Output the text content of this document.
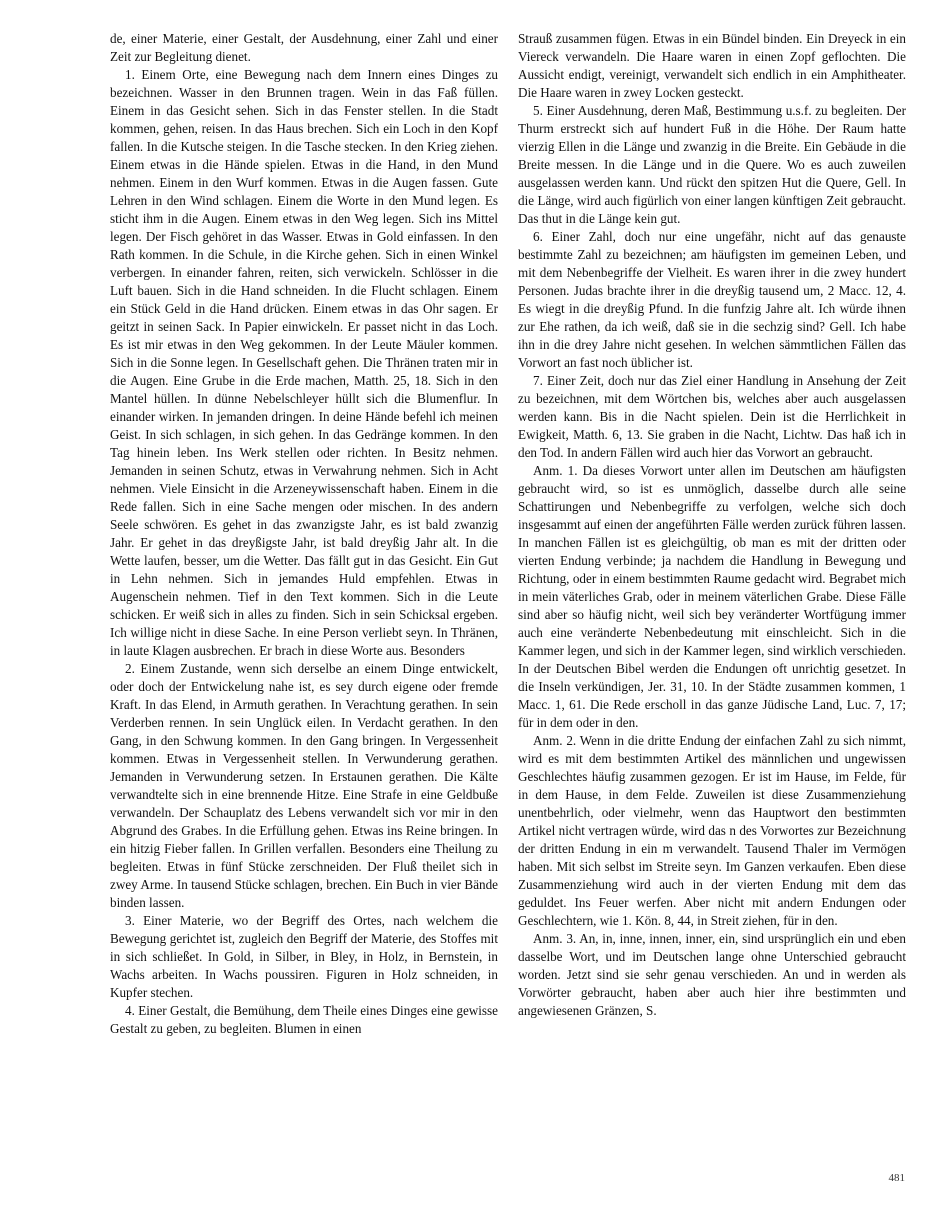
de, einer Materie, einer Gestalt, der Ausdehnung, einer Zahl und einer Zeit zur Begleitung dienet.

1. Einem Orte, eine Bewegung nach dem Innern eines Dinges zu bezeichnen. Wasser in den Brunnen tragen. Wein in das Faß füllen. Einem in das Gesicht sehen. Sich in das Fenster stellen. In die Stadt kommen, gehen, reisen. In das Haus brechen. Sich ein Loch in den Kopf fallen. In die Kutsche steigen. In die Tasche stecken. In den Krieg ziehen. Einem etwas in die Hände spielen. Etwas in die Hand, in den Mund nehmen. Einem in den Wurf kommen. Etwas in die Augen fassen. Gute Lehren in den Wind schlagen. Einem die Worte in den Mund legen. Es sticht ihm in die Augen. Einem etwas in den Weg legen. Sich ins Mittel legen. Der Fisch gehöret in das Wasser. Etwas in Gold einfassen. In den Rath kommen. In die Schule, in die Kirche gehen. Sich in einen Winkel verbergen. In einander fahren, reiten, sich verwickeln. Schlösser in die Luft bauen. Sich in die Hand schneiden. In die Flucht schlagen. Einem ein Stück Geld in die Hand drücken. Einem etwas in das Ohr sagen. Er geitzt in seinen Sack. In Papier einwickeln. Er passet nicht in das Loch. Es ist mir etwas in den Weg gekommen. In der Leute Mäuler kommen. Sich in die Sonne legen. In Gesellschaft gehen. Die Thränen traten mir in die Augen. Eine Grube in die Erde machen, Matth. 25, 18. Sich in den Mantel hüllen. In dünne Nebelschleyer hüllt sich die Blumenflur. In einander wirken. In jemanden dringen. In deine Hände befehl ich meinen Geist. In sich schlagen, in sich gehen. In das Gedränge kommen. In den Tag hinein leben. Ins Werk stellen oder richten. In Besitz nehmen. Jemanden in seinen Schutz, etwas in Verwahrung nehmen. Sich in Acht nehmen. Viele Einsicht in die Arzeneywissenschaft haben. Einem in die Rede fallen. Sich in eine Sache mengen oder mischen. In des andern Seele schwören. Es gehet in das zwanzigste Jahr, es ist bald zwanzig Jahr. Er gehet in das dreyßigste Jahr, ist bald dreyßig Jahr alt. In die Wette laufen, besser, um die Wetter. Das fällt gut in das Gesicht. Ein Gut in Lehn nehmen. Sich in jemandes Huld empfehlen. Etwas in Augenschein nehmen. Tief in den Text kommen. Sich in die Leute schicken. Er weiß sich in alles zu finden. Sich in sein Schicksal ergeben. Ich willige nicht in diese Sache. In eine Person verliebt seyn. In Thränen, in laute Klagen ausbrechen. Er brach in diese Worte aus. Besonders

2. Einem Zustande, wenn sich derselbe an einem Dinge entwickelt, oder doch der Entwickelung nahe ist, es sey durch eigene oder fremde Kraft. In das Elend, in Armuth gerathen. In Verachtung gerathen. In sein Verderben rennen. In sein Unglück eilen. In Verdacht gerathen. In den Gang, in den Schwung kommen. In den Gang bringen. In Vergessenheit kommen. Etwas in Vergessenheit stellen. In Verwunderung gerathen. Jemanden in Verwunderung setzen. In Erstaunen gerathen. Die Kälte verwandtelte sich in eine brennende Hitze. Eine Strafe in eine Geldbuße verwandeln. Der Schauplatz des Lebens verwandelt sich vor mir in den Abgrund des Grabes. In die Erfüllung gehen. Etwas ins Reine bringen. In ein hitzig Fieber fallen. In Grillen verfallen. Besonders eine Theilung zu begleiten. Etwas in fünf Stücke zerschneiden. Der Fluß theilet sich in zwey Arme. In tausend Stücke schlagen, brechen. Ein Buch in vier Bände binden lassen.

3. Einer Materie, wo der Begriff des Ortes, nach welchem die Bewegung gerichtet ist, zugleich den Begriff der Materie, des Stoffes mit in sich schließet. In Gold, in Silber, in Bley, in Holz, in Bernstein, in Wachs arbeiten. In Wachs poussiren. Figuren in Holz schneiden, in Kupfer stechen.

4. Einer Gestalt, die Bemühung, dem Theile eines Dinges eine gewisse Gestalt zu geben, zu begleiten. Blumen in einen

Strauß zusammen fügen. Etwas in ein Bündel binden. Ein Dreyeck in ein Viereck verwandeln. Die Haare waren in einen Zopf geflochten. Die Aussicht endigt, vereinigt, verwandelt sich endlich in ein Amphitheater. Die Haare waren in zwey Locken gesteckt.

5. Einer Ausdehnung, deren Maß, Bestimmung u.s.f. zu begleiten. Der Thurm erstreckt sich auf hundert Fuß in die Höhe. Der Raum hatte vierzig Ellen in die Länge und zwanzig in die Breite. Ein Gebäude in die Breite messen. In die Länge und in die Quere. Wo es auch zuweilen ausgelassen werden kann. Und rückt den spitzen Hut die Quere, Gell. In die Länge, wird auch figürlich von einer langen künftigen Zeit gebraucht. Das thut in die Länge kein gut.

6. Einer Zahl, doch nur eine ungefähr, nicht auf das genauste bestimmte Zahl zu bezeichnen; am häufigsten im gemeinen Leben, und mit dem Nebenbegriffe der Vielheit. Es waren ihrer in die zwey hundert Personen. Judas brachte ihrer in die dreyßig tausend um, 2 Macc. 12, 4. Es wiegt in die dreyßig Pfund. In die funfzig Jahre alt. Ich würde ihnen zur Ehe rathen, da ich weiß, daß sie in die sechzig sind? Gell. Ich habe ihn in die drey Jahre nicht gesehen. In welchen sämmtlichen Fällen das Vorwort an fast noch üblicher ist.

7. Einer Zeit, doch nur das Ziel einer Handlung in Ansehung der Zeit zu bezeichnen, mit dem Wörtchen bis, welches aber auch ausgelassen werden kann. Bis in die Nacht spielen. Dein ist die Herrlichkeit in Ewigkeit, Matth. 6, 13. Sie graben in die Nacht, Lichtw. Das haß ich in den Tod. In andern Fällen wird auch hier das Vorwort an gebraucht.

Anm. 1. Da dieses Vorwort unter allen im Deutschen am häufigsten gebraucht wird, so ist es unmöglich, dasselbe durch alle seine Schattirungen und Nebenbegriffe zu verfolgen, welche sich doch insgesammt auf einen der angeführten Fälle werden zurück führen lassen. In manchen Fällen ist es gleichgültig, ob man es mit der dritten oder vierten Endung verbinde; ja nachdem die Handlung in Bewegung und Richtung, oder in einem bestimmten Raume gedacht wird. Begrabet mich in mein väterliches Grab, oder in meinem väterlichen Grabe. Diese Fälle sind aber so häufig nicht, weil sich bey veränderter Wortfügung immer auch eine veränderte Nebenbedeutung mit einschleicht. Sich in die Kammer legen, und sich in der Kammer legen, sind wirklich verschieden. In der Deutschen Bibel werden die Endungen oft unrichtig gesetzet. In die Inseln verkündigen, Jer. 31, 10. In der Städte zusammen kommen, 1 Macc. 1, 61. Die Rede erscholl in das ganze Jüdische Land, Luc. 7, 17; für in dem oder in den.

Anm. 2. Wenn in die dritte Endung der einfachen Zahl zu sich nimmt, wird es mit dem bestimmten Artikel des männlichen und ungewissen Geschlechtes häufig zusammen gezogen. Er ist im Hause, im Felde, für in dem Hause, in dem Felde. Zuweilen ist diese Zusammenziehung unentbehrlich, oder vielmehr, wenn das Hauptwort den bestimmten Artikel nicht vertragen würde, wird das n des Vorwortes zur Bezeichnung der dritten Endung in ein m verwandelt. Tausend Thaler im Vermögen haben. Mit sich selbst im Streite seyn. Im Ganzen verkaufen. Eben diese Zusammenziehung wird auch in der vierten Endung mit dem das geduldet. Ins Feuer werfen. Aber nicht mit andern Endungen oder Geschlechtern, wie 1. Kön. 8, 44, in Streit ziehen, für in den.

Anm. 3. An, in, inne, innen, inner, ein, sind ursprünglich ein und eben dasselbe Wort, und im Deutschen lange ohne Unterschied gebraucht worden. Jetzt sind sie sehr genau verschieden. An und in werden als Vorwörter gebraucht, haben aber auch hier ihre bestimmten und angewiesenen Gränzen, S.

481
